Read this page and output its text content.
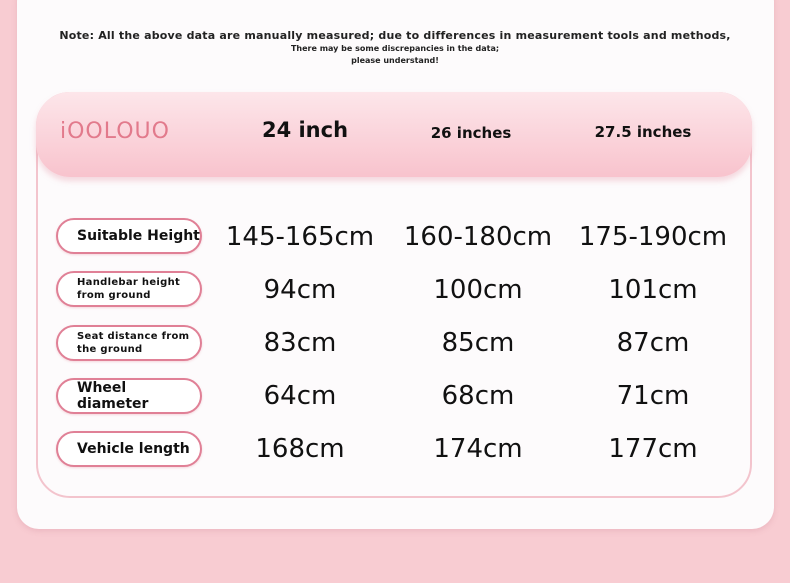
Note: All the above data are manually measured; due to differences in measurement tools and methods,
There may be some discrepancies in the data;
please understand!
iOOLOUO	24 inch	26 inches	27.5 inches
Suitable Height 145-165cm	160-180cm	175-190cm
Handlebar height from ground	94cm	100cm	101cm
Seat distance from the ground	83cm	85cm	87cm
Wheel diameter	64cm	68cm	71cm
Vehicle length	168cm	174cm	177cm
